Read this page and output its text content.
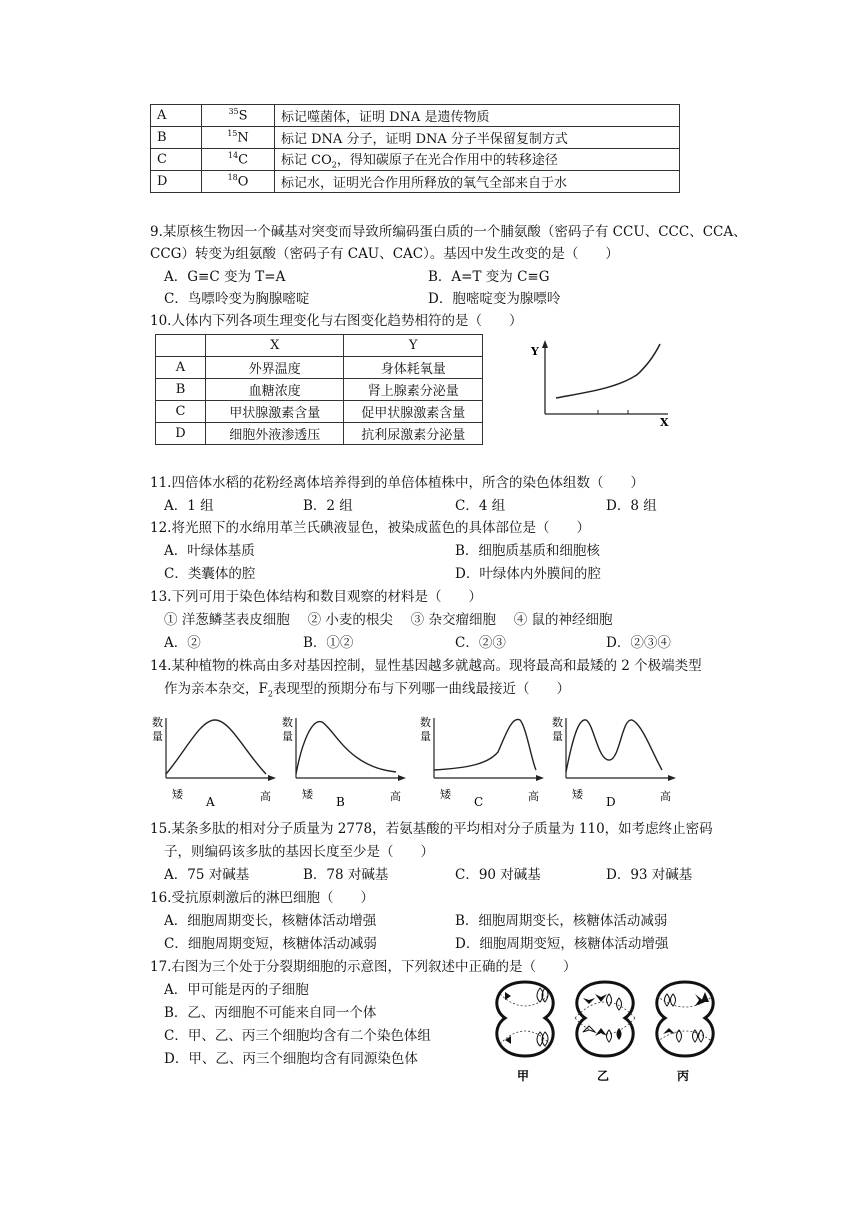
A	$^{35}$S	标记噬菌体，证明 DNA 是遗传物质
B	$^{15}$N	标记 DNA 分子，证明 DNA 分子半保留复制方式
C	$^{14}$C	标记 $CO_2$，得知碳原子在光合作用中的转移途径
D	$^{18}$O	标记水，证明光合作用所释放的氧气全部来自于水
9.某原核生物因一个碱基对突变而导致所编码蛋白质的一个脯氨酸（密码子有 CCU、CCC、CCA、
CCG）转变为组氨酸（密码子有 CAU、CAC）。基因中发生改变的是（　　）
A．G≡C 变为 T=A	B．A=T 变为 C≡G
C．鸟嘌呤变为胸腺嘧啶	D．胞嘧啶变为腺嘌呤
10.人体内下列各项生理变化与右图变化趋势相符的是（　　）
	X	Y
A	外界温度	身体耗氧量
B	血糖浓度	肾上腺素分泌量
C	甲状腺激素含量	促甲状腺激素含量
D	细胞外液渗透压	抗利尿激素分泌量
Y
X
11.四倍体水稻的花粉经离体培养得到的单倍体植株中，所含的染色体组数（　　）
A．1 组	B．2 组	C．4 组	D．8 组
12.将光照下的水绵用革兰氏碘液显色，被染成蓝色的具体部位是（　　）
A．叶绿体基质	B．细胞质基质和细胞核
C．类囊体的腔	D．叶绿体内外膜间的腔
13.下列可用于染色体结构和数目观察的材料是（　　）
① 洋葱鳞茎表皮细胞　 ② 小麦的根尖　 ③ 杂交瘤细胞　 ④ 鼠的神经细胞
A．②	B．①②	C．②③	D．②③④
14.某种植物的株高由多对基因控制，显性基因越多就越高。现将最高和最矮的 2 个极端类型
作为亲本杂交，$F_2$表现型的预期分布与下列哪一曲线最接近（　　）
数
量
矮	高
A
数
量
矮	高
B
数
量
矮	高
C
数
量
矮	高
D
15.某条多肽的相对分子质量为 2778，若氨基酸的平均相对分子质量为 110，如考虑终止密码
子，则编码该多肽的基因长度至少是（　　）
A．75 对碱基	B．78 对碱基	C．90 对碱基	D．93 对碱基
16.受抗原刺激后的淋巴细胞（　　）
A．细胞周期变长，核糖体活动增强	B．细胞周期变长，核糖体活动减弱
C．细胞周期变短，核糖体活动减弱	D．细胞周期变短，核糖体活动增强
17.右图为三个处于分裂期细胞的示意图，下列叙述中正确的是（　　）
A．甲可能是丙的子细胞
B．乙、丙细胞不可能来自同一个体
C．甲、乙、丙三个细胞均含有二个染色体组
D．甲、乙、丙三个细胞均含有同源染色体
甲	乙	丙
